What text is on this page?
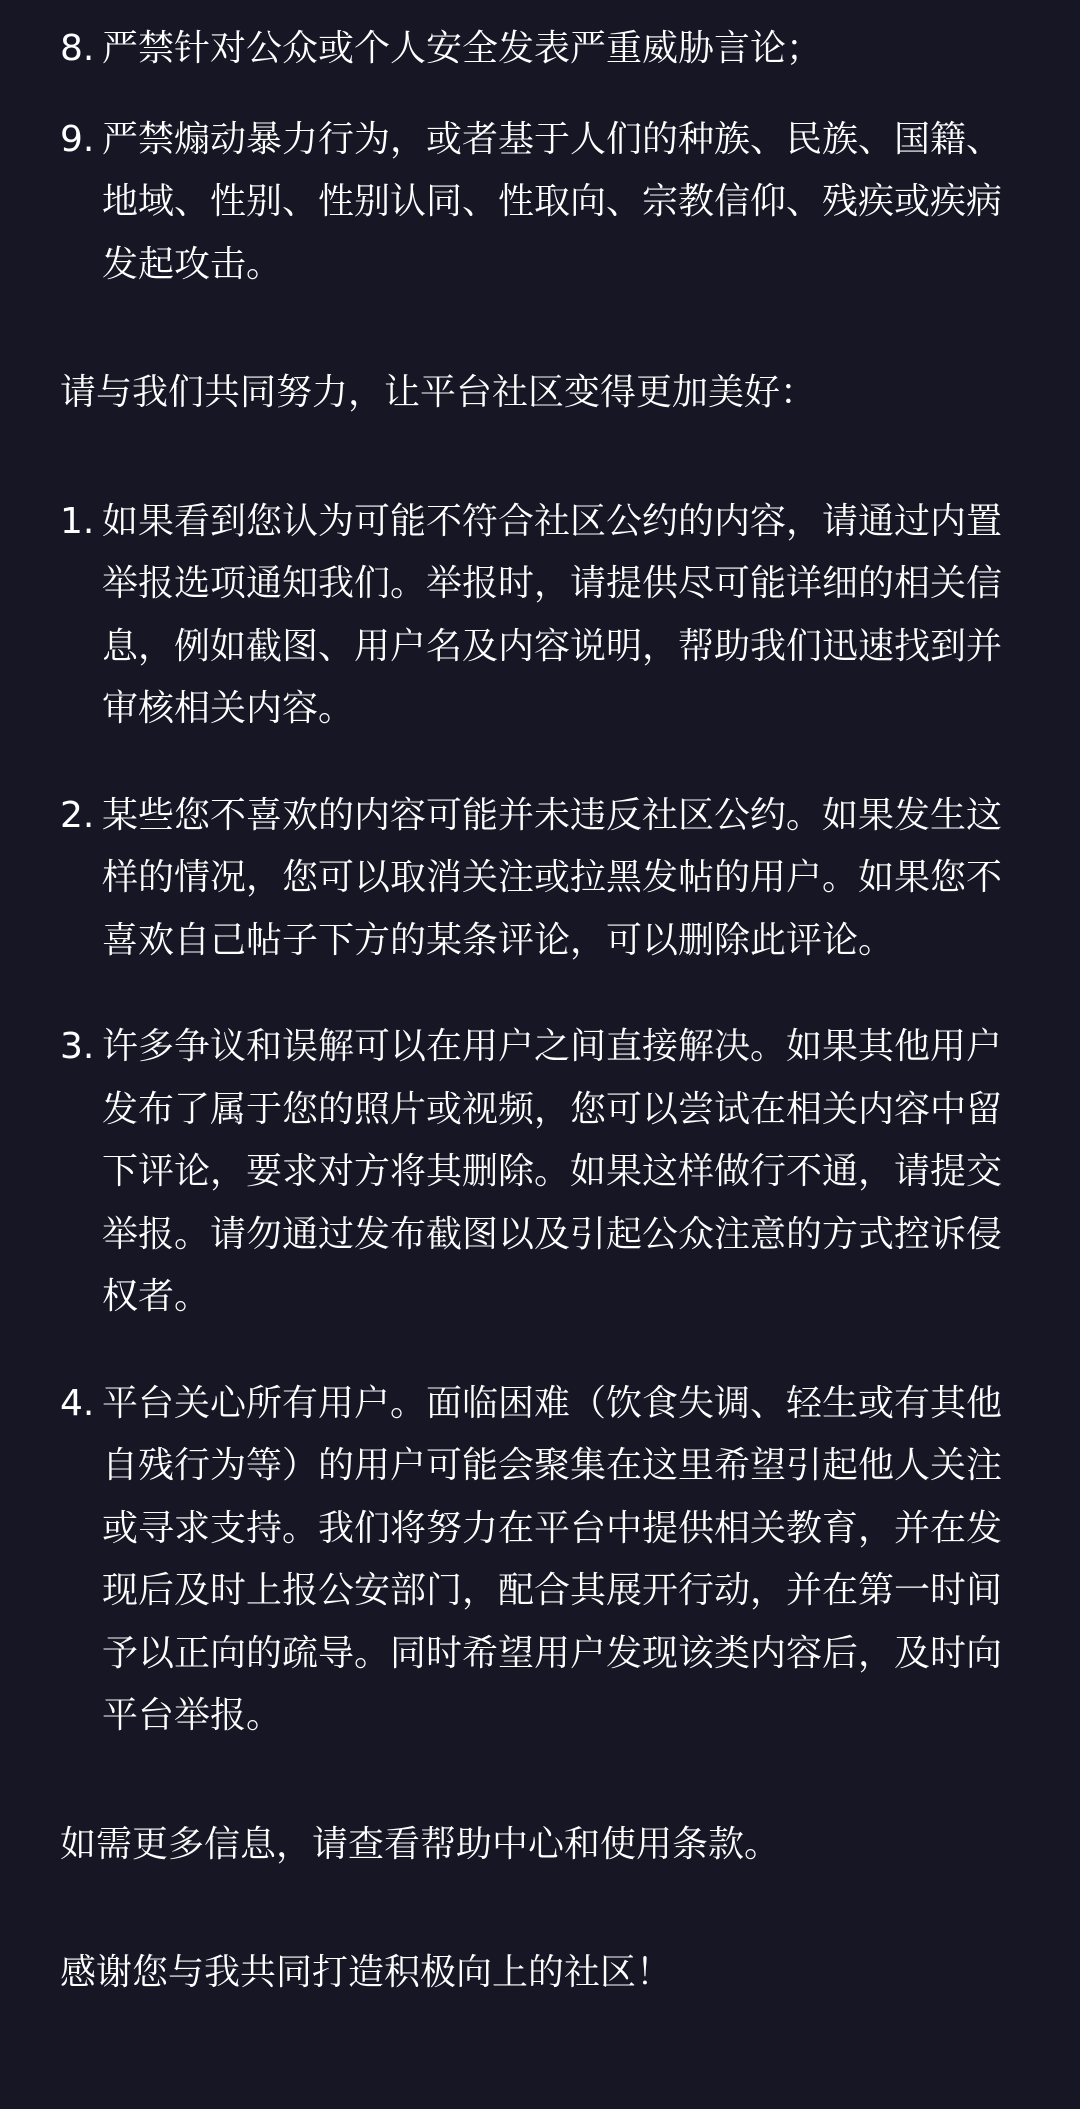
8. 严禁针对公众或个人安全发表严重威胁言论；
9. 严禁煽动暴力行为，或者基于人们的种族、民族、国籍、地域、性别、性别认同、性取向、宗教信仰、残疾或疾病发起攻击。
请与我们共同努力，让平台社区变得更加美好：
1. 如果看到您认为可能不符合社区公约的内容，请通过内置举报选项通知我们。举报时，请提供尽可能详细的相关信息，例如截图、用户名及内容说明，帮助我们迅速找到并审核相关内容。
2. 某些您不喜欢的内容可能并未违反社区公约。如果发生这样的情况，您可以取消关注或拉黑发帖的用户。如果您不喜欢自己帖子下方的某条评论，可以删除此评论。
3. 许多争议和误解可以在用户之间直接解决。如果其他用户发布了属于您的照片或视频，您可以尝试在相关内容中留下评论，要求对方将其删除。如果这样做行不通，请提交举报。请勿通过发布截图以及引起公众注意的方式控诉侵权者。
4. 平台关心所有用户。面临困难（饮食失调、轻生或有其他自残行为等）的用户可能会聚集在这里希望引起他人关注或寻求支持。我们将努力在平台中提供相关教育，并在发现后及时上报公安部门，配合其展开行动，并在第一时间予以正向的疏导。同时希望用户发现该类内容后，及时向平台举报。
如需更多信息，请查看帮助中心和使用条款。
感谢您与我共同打造积极向上的社区！
